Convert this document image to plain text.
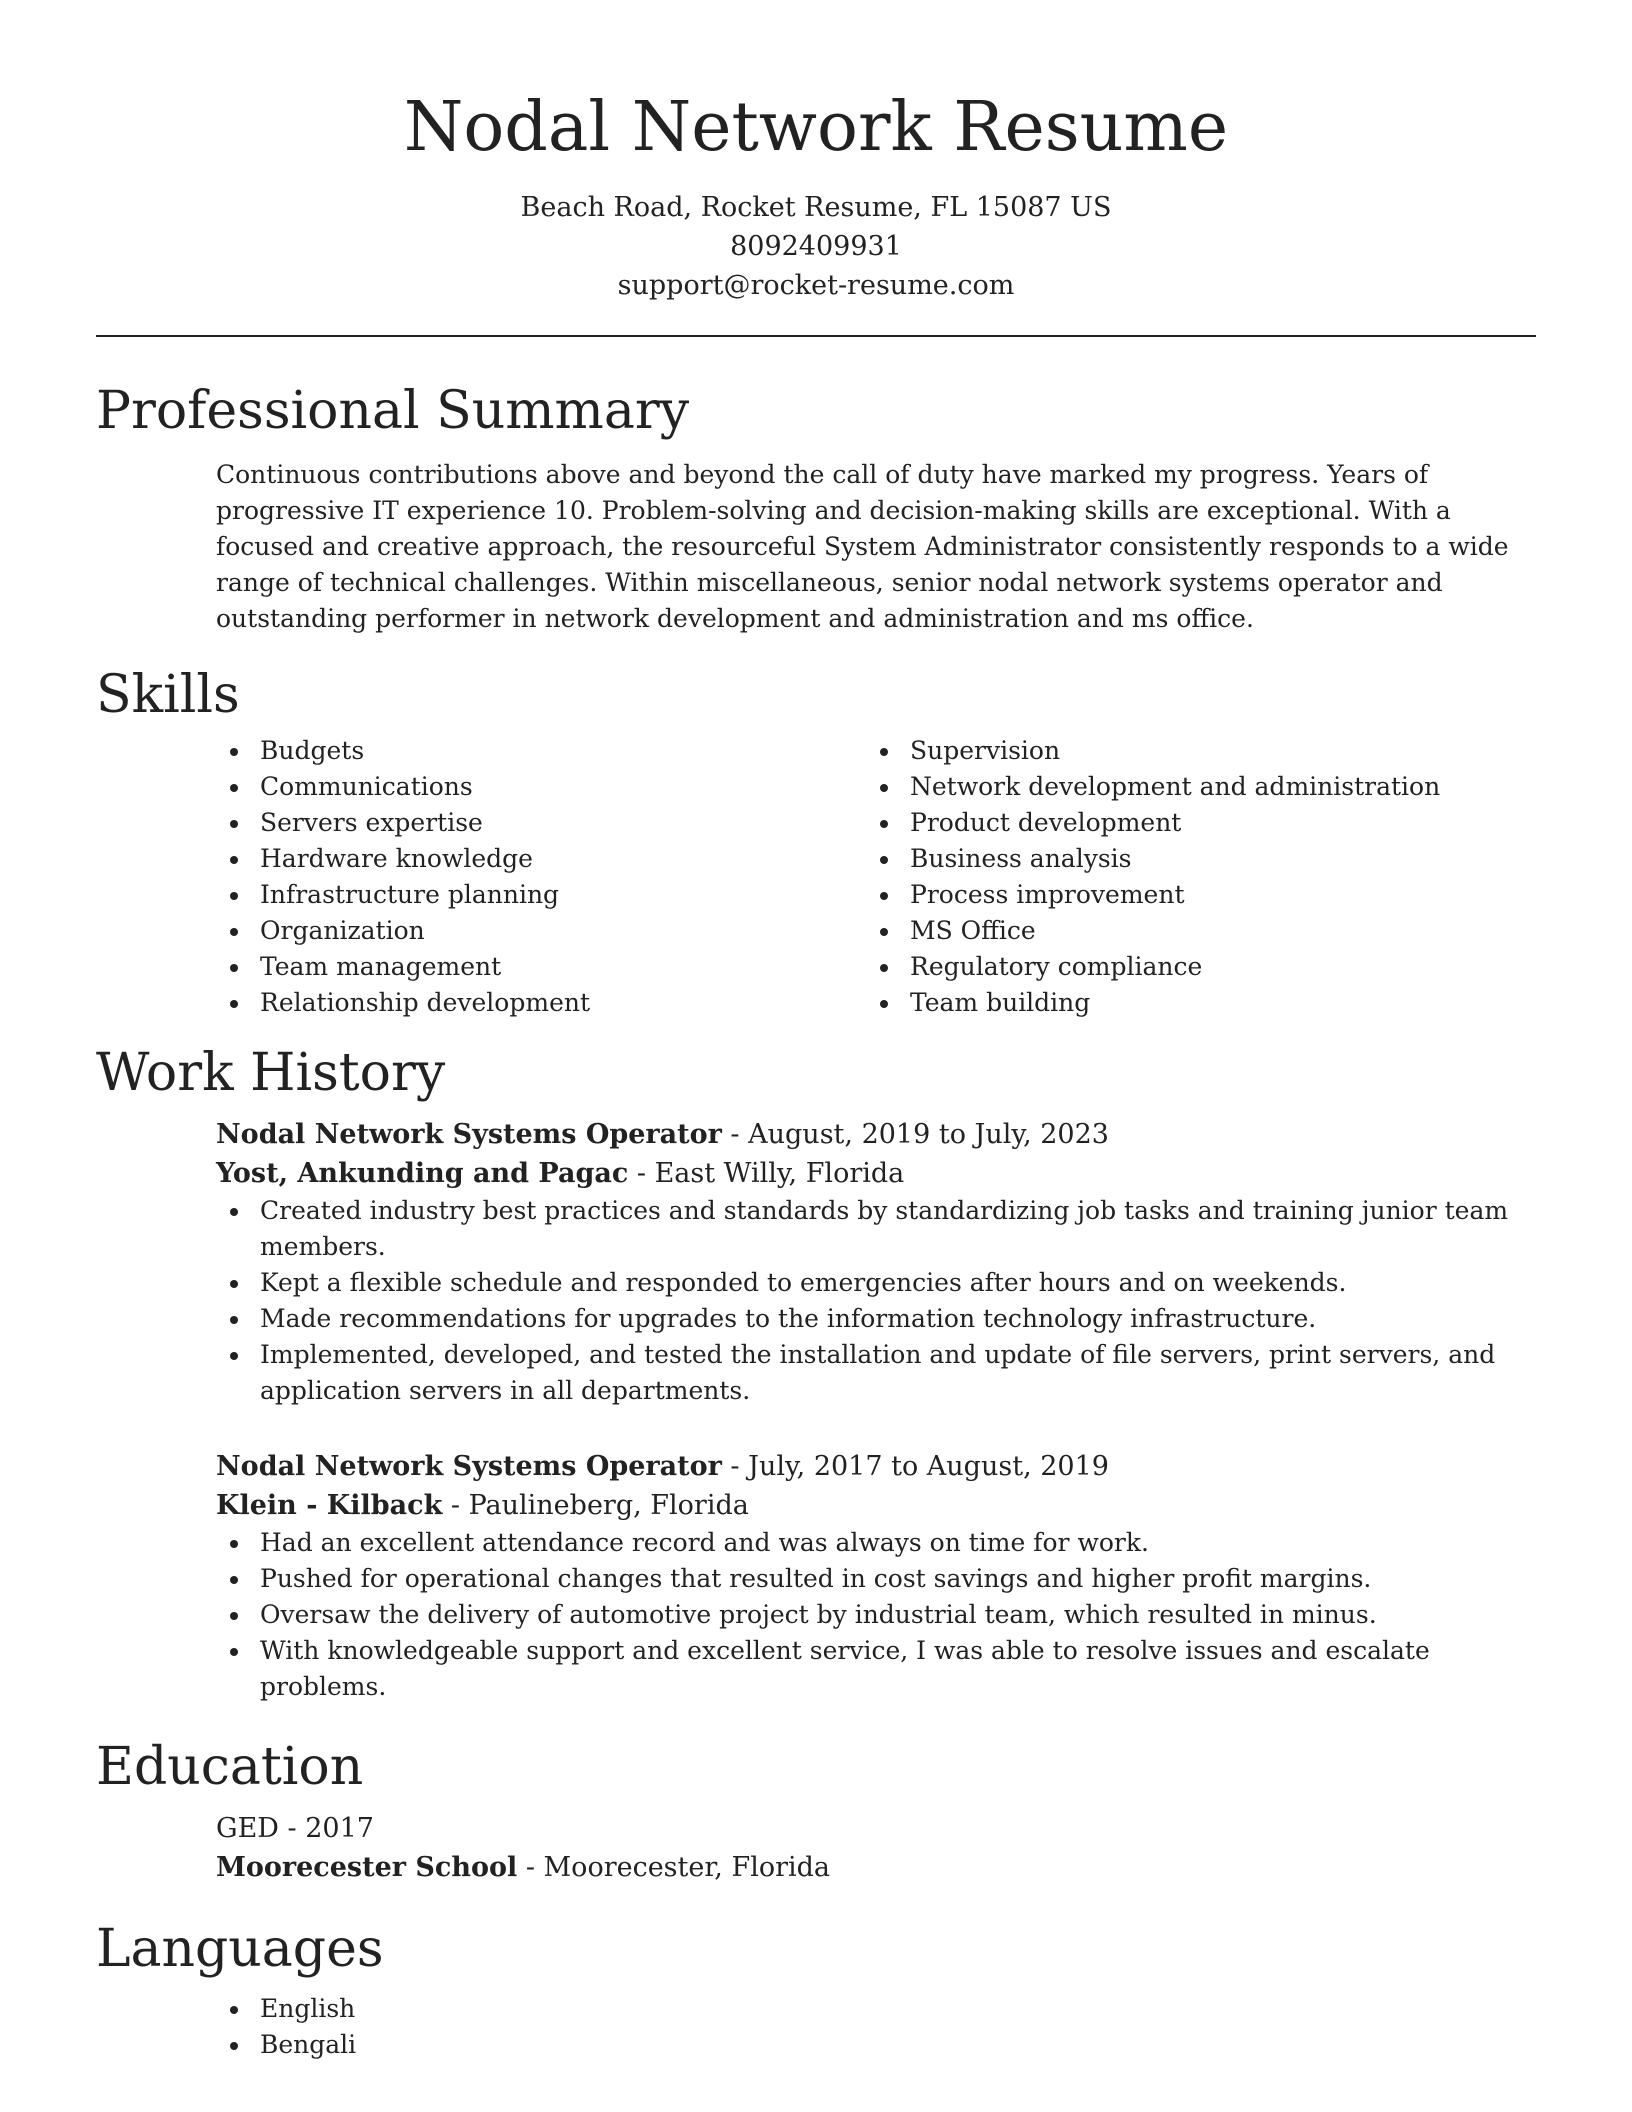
Nodal Network Resume
Beach Road, Rocket Resume, FL 15087 US
8092409931
support@rocket-resume.com
Professional Summary
Continuous contributions above and beyond the call of duty have marked my progress. Years of progressive IT experience 10. Problem-solving and decision-making skills are exceptional. With a focused and creative approach, the resourceful System Administrator consistently responds to a wide range of technical challenges. Within miscellaneous, senior nodal network systems operator and outstanding performer in network development and administration and ms office.
Skills
Budgets
Communications
Servers expertise
Hardware knowledge
Infrastructure planning
Organization
Team management
Relationship development
Supervision
Network development and administration
Product development
Business analysis
Process improvement
MS Office
Regulatory compliance
Team building
Work History
Nodal Network Systems Operator - August, 2019 to July, 2023
Yost, Ankunding and Pagac - East Willy, Florida
Created industry best practices and standards by standardizing job tasks and training junior team members.
Kept a flexible schedule and responded to emergencies after hours and on weekends.
Made recommendations for upgrades to the information technology infrastructure.
Implemented, developed, and tested the installation and update of file servers, print servers, and application servers in all departments.
Nodal Network Systems Operator - July, 2017 to August, 2019
Klein - Kilback - Paulineberg, Florida
Had an excellent attendance record and was always on time for work.
Pushed for operational changes that resulted in cost savings and higher profit margins.
Oversaw the delivery of automotive project by industrial team, which resulted in minus.
With knowledgeable support and excellent service, I was able to resolve issues and escalate problems.
Education
GED - 2017
Moorecester School - Moorecester, Florida
Languages
English
Bengali
